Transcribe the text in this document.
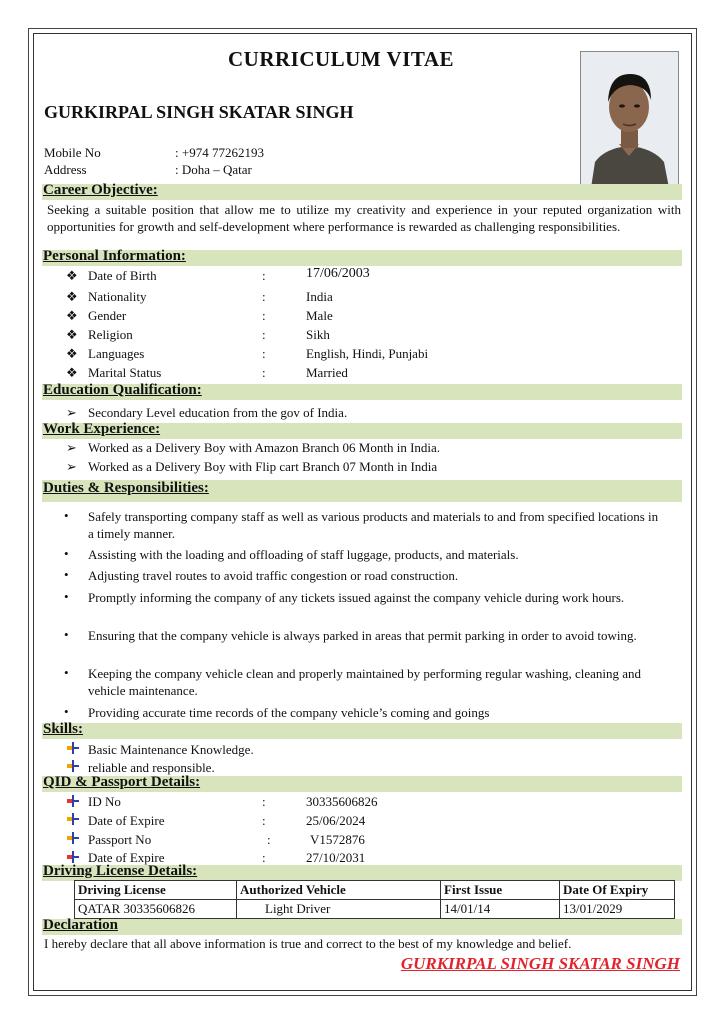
CURRICULUM VITAE
GURKIRPAL SINGH SKATAR SINGH
Mobile No	: +974 77262193
Address	: Doha – Qatar
Career Objective:
Seeking a suitable position that allow me to utilize my creativity and experience in your reputed organization with opportunities for growth and self-development where performance is rewarded as challenging responsibilities.
Personal Information:
❖ Date of Birth	:	17/06/2003
❖ Nationality	:	India
❖ Gender	:	Male
❖ Religion	:	Sikh
❖ Languages	:	English, Hindi, Punjabi
❖ Marital Status	:	Married
Education Qualification:
➢ Secondary Level education from the gov of India.
Work Experience:
➢ Worked as a Delivery Boy with Amazon Branch 06 Month in India.
➢ Worked as a Delivery Boy with Flip cart Branch 07 Month in India
Duties & Responsibilities:
• Safely transporting company staff as well as various products and materials to and from specified locations in a timely manner.
• Assisting with the loading and offloading of staff luggage, products, and materials.
• Adjusting travel routes to avoid traffic congestion or road construction.
• Promptly informing the company of any tickets issued against the company vehicle during work hours.
• Ensuring that the company vehicle is always parked in areas that permit parking in order to avoid towing.
• Keeping the company vehicle clean and properly maintained by performing regular washing, cleaning and vehicle maintenance.
• Providing accurate time records of the company vehicle’s coming and goings
Skills:
Basic Maintenance Knowledge.
reliable and responsible.
QID & Passport Details:
ID No	:	30335606826
Date of Expire	:	25/06/2024
Passport No	:	V1572876
Date of Expire	:	27/10/2031
Driving License Details:
Driving License	Authorized Vehicle	First Issue	Date Of Expiry
QATAR 30335606826	Light Driver	14/01/14	13/01/2029
Declaration
I hereby declare that all above information is true and correct to the best of my knowledge and belief.
GURKIRPAL SINGH SKATAR SINGH
